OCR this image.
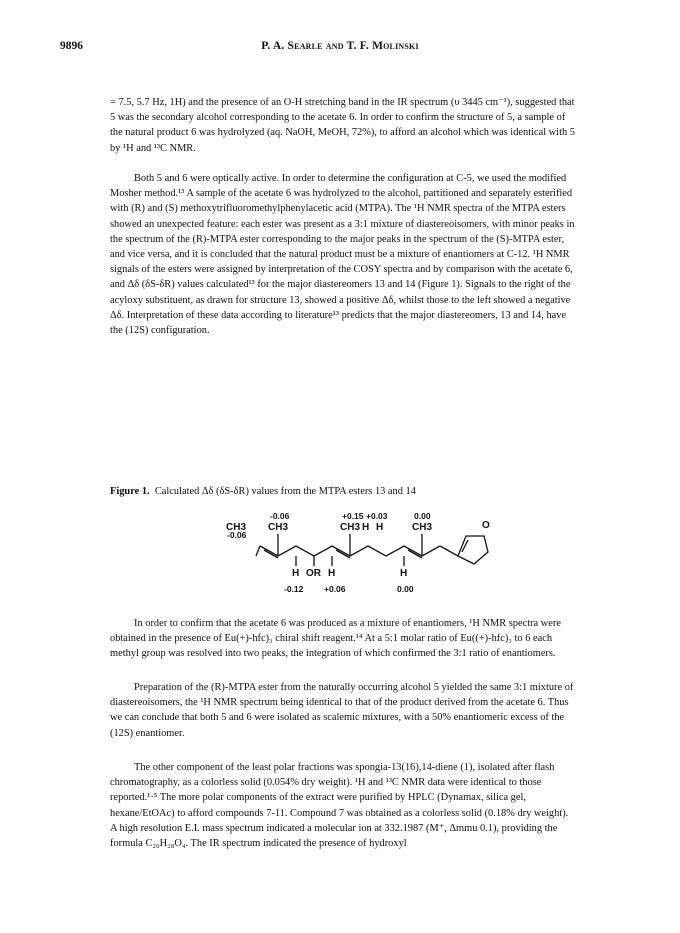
9896	P. A. Searle and T. F. Molinski

= 7.5, 5.7 Hz, 1H) and the presence of an O-H stretching band in the IR spectrum (υ 3445 cm⁻¹), suggested that 5 was the secondary alcohol corresponding to the acetate 6. In order to confirm the structure of 5, a sample of the natural product 6 was hydrolyzed (aq. NaOH, MeOH, 72%), to afford an alcohol which was identical with 5 by ¹H and ¹³C NMR.

Both 5 and 6 were optically active. In order to determine the configuration at C-5, we used the modified Mosher method.¹³ A sample of the acetate 6 was hydrolyzed to the alcohol, partitioned and separately esterified with (R) and (S) methoxytrifluoromethylphenylacetic acid (MTPA). The ¹H NMR spectra of the MTPA esters showed an unexpected feature: each ester was present as a 3:1 mixture of diastereoisomers, with minor peaks in the spectrum of the (R)-MTPA ester corresponding to the major peaks in the spectrum of the (S)-MTPA ester, and vice versa, and it is concluded that the natural product must be a mixture of enantiomers at C-12. ¹H NMR signals of the esters were assigned by interpretation of the COSY spectra and by comparison with the acetate 6, and Δδ (δS-δR) values calculated¹³ for the major diastereomers 13 and 14 (Figure 1). Signals to the right of the acyloxy substituent, as drawn for structure 13, showed a positive Δδ, whilst those to the left showed a negative Δδ. Interpretation of these data according to literature¹³ predicts that the major diastereomers, 13 and 14, have the (12S) configuration.

Figure 1. Calculated Δδ (δS-δR) values from the MTPA esters 13 and 14

-0.06
-0.06	+0.15 +0.03	0.00
-0.12 +0.06	0.00
CH3 CH3	CH3	CH3
H H
H	H	H
OR
O

In order to confirm that the acetate 6 was produced as a mixture of enantiomers, ¹H NMR spectra were obtained in the presence of Eu(+)-hfc)₃ chiral shift reagent.¹⁴ At a 5:1 molar ratio of Eu((+)-hfc)₃ to 6 each methyl group was resolved into two peaks, the integration of which confirmed the 3:1 ratio of enantiomers.

Preparation of the (R)-MTPA ester from the naturally occurring alcohol 5 yielded the same 3:1 mixture of diastereoisomers, the ¹H NMR spectrum being identical to that of the product derived from the acetate 6. Thus we can conclude that both 5 and 6 were isolated as scalemic mixtures, with a 50% enantiomeric excess of the (12S) enantiomer.

The other component of the least polar fractions was spongia-13(16),14-diene (1), isolated after flash chromatography, as a colorless solid (0.054% dry weight). ¹H and ¹³C NMR data were identical to those reported.¹·⁵ The more polar components of the extract were purified by HPLC (Dynamax, silica gel, hexane/EtOAc) to afford compounds 7-11. Compound 7 was obtained as a colorless solid (0.18% dry weight). A high resolution E.I. mass spectrum indicated a molecular ion at 332.1987 (M⁺, Δmmu 0.1), providing the formula C₂₀H₂₈O₄. The IR spectrum indicated the presence of hydroxyl
